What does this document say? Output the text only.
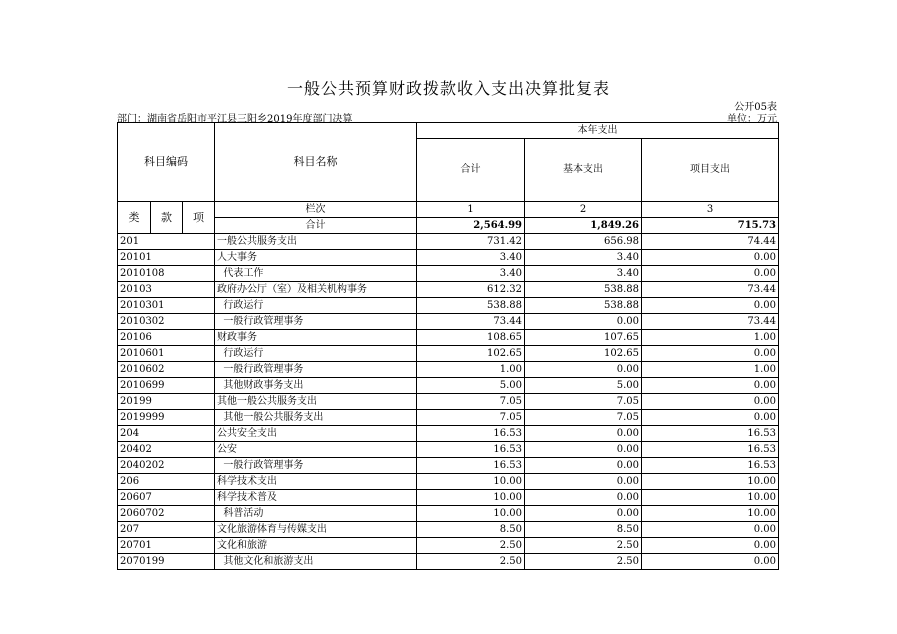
一般公共预算财政拨款收入支出决算批复表
公开05表
部门：湖南省岳阳市平江县三阳乡2019年度部门决算	单位：万元
科目编码			科目名称	本年支出		
				合计	基本支出	项目支出
类	款	项	栏次	1	2	3
			合计	2,564.99	1,849.26	715.73
201			一般公共服务支出	731.42	656.98	74.44
20101			人大事务	3.40	3.40	0.00
2010108			代表工作	3.40	3.40	0.00
20103			政府办公厅（室）及相关机构事务	612.32	538.88	73.44
2010301			行政运行	538.88	538.88	0.00
2010302			一般行政管理事务	73.44	0.00	73.44
20106			财政事务	108.65	107.65	1.00
2010601			行政运行	102.65	102.65	0.00
2010602			一般行政管理事务	1.00	0.00	1.00
2010699			其他财政事务支出	5.00	5.00	0.00
20199			其他一般公共服务支出	7.05	7.05	0.00
2019999			其他一般公共服务支出	7.05	7.05	0.00
204			公共安全支出	16.53	0.00	16.53
20402			公安	16.53	0.00	16.53
2040202			一般行政管理事务	16.53	0.00	16.53
206			科学技术支出	10.00	0.00	10.00
20607			科学技术普及	10.00	0.00	10.00
2060702			科普活动	10.00	0.00	10.00
207			文化旅游体育与传媒支出	8.50	8.50	0.00
20701			文化和旅游	2.50	2.50	0.00
2070199			其他文化和旅游支出	2.50	2.50	0.00
